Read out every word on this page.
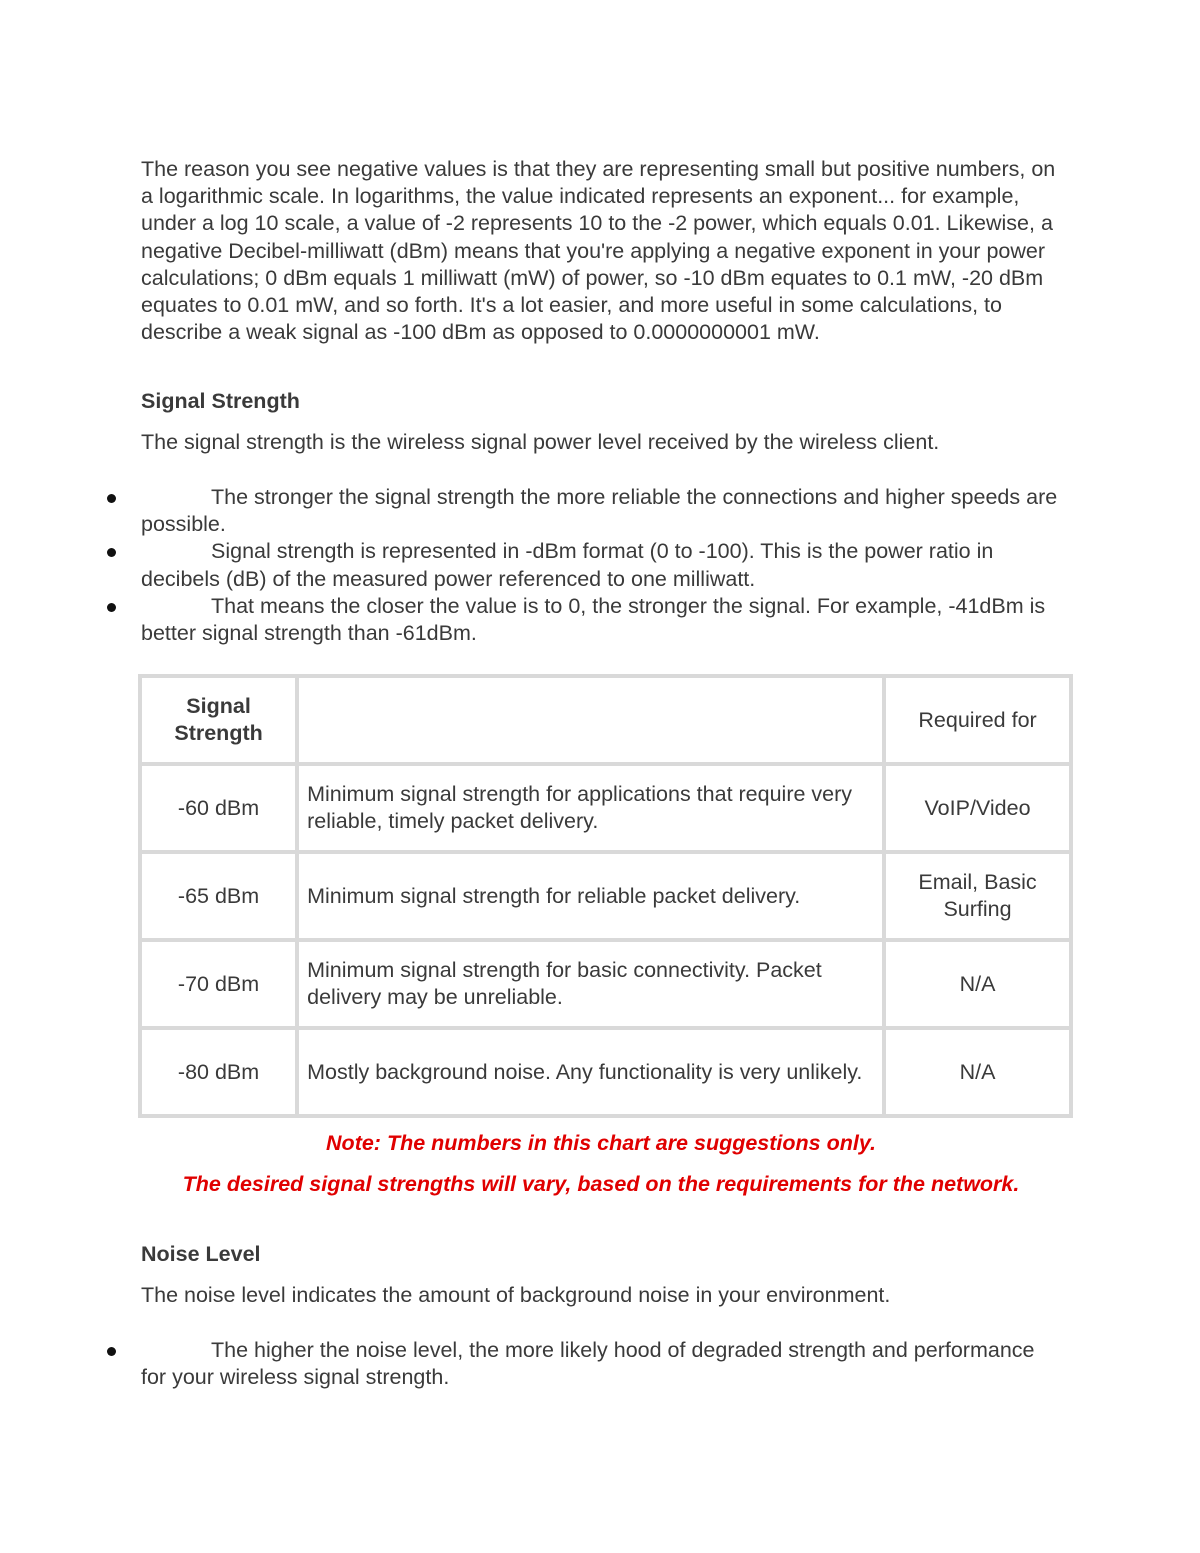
The reason you see negative values is that they are representing small but positive numbers, on a logarithmic scale. In logarithms, the value indicated represents an exponent... for example, under a log 10 scale, a value of -2 represents 10 to the -2 power, which equals 0.01. Likewise, a negative Decibel-milliwatt (dBm) means that you're applying a negative exponent in your power calculations; 0 dBm equals 1 milliwatt (mW) of power, so -10 dBm equates to 0.1 mW, -20 dBm equates to 0.01 mW, and so forth. It's a lot easier, and more useful in some calculations, to describe a weak signal as -100 dBm as opposed to 0.0000000001 mW.

Signal Strength

The signal strength is the wireless signal power level received by the wireless client.

The stronger the signal strength the more reliable the connections and higher speeds are possible.
Signal strength is represented in -dBm format (0 to -100). This is the power ratio in decibels (dB) of the measured power referenced to one milliwatt.
That means the closer the value is to 0, the stronger the signal. For example, -41dBm is better signal strength than -61dBm.
Signal Strength		Required for
-60 dBm	Minimum signal strength for applications that require very reliable, timely packet delivery.	VoIP/Video
-65 dBm	Minimum signal strength for reliable packet delivery.	Email, Basic Surfing
-70 dBm	Minimum signal strength for basic connectivity. Packet delivery may be unreliable.	N/A
-80 dBm	Mostly background noise. Any functionality is very unlikely.	N/A

Note: The numbers in this chart are suggestions only.

The desired signal strengths will vary, based on the requirements for the network.

Noise Level

The noise level indicates the amount of background noise in your environment.

The higher the noise level, the more likely hood of degraded strength and performance for your wireless signal strength.
